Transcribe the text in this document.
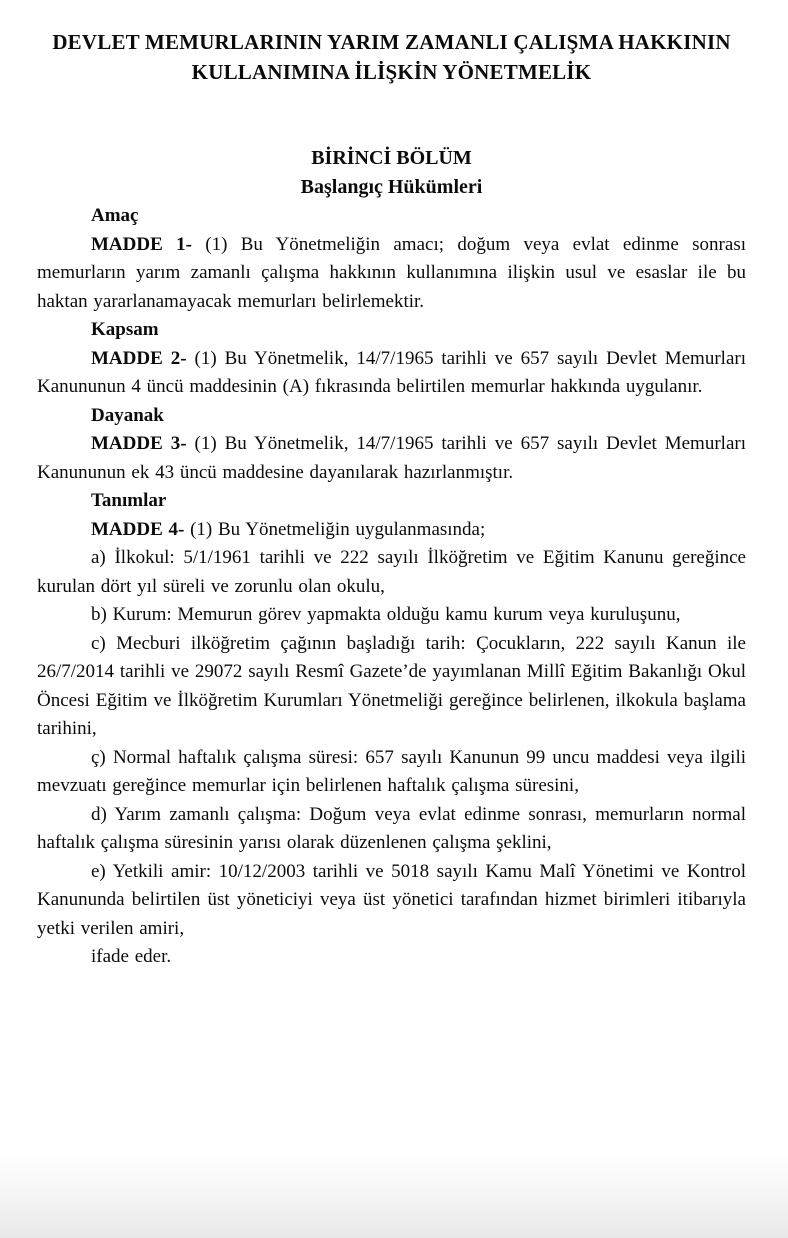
DEVLET MEMURLARININ YARIM ZAMANLI ÇALIŞMA HAKKININ
KULLANIMINA İLİŞKİN YÖNETMELİK
BİRİNCİ BÖLÜM
Başlangıç Hükümleri

Amaç

MADDE 1- (1) Bu Yönetmeliğin amacı; doğum veya evlat edinme sonrası memurların yarım zamanlı çalışma hakkının kullanımına ilişkin usul ve esaslar ile bu haktan yararlanamayacak memurları belirlemektir.

Kapsam

MADDE 2- (1) Bu Yönetmelik, 14/7/1965 tarihli ve 657 sayılı Devlet Memurları Kanununun 4 üncü maddesinin (A) fıkrasında belirtilen memurlar hakkında uygulanır.

Dayanak

MADDE 3- (1) Bu Yönetmelik, 14/7/1965 tarihli ve 657 sayılı Devlet Memurları Kanununun ek 43 üncü maddesine dayanılarak hazırlanmıştır.

Tanımlar

MADDE 4- (1) Bu Yönetmeliğin uygulanmasında;

a) İlkokul: 5/1/1961 tarihli ve 222 sayılı İlköğretim ve Eğitim Kanunu gereğince kurulan dört yıl süreli ve zorunlu olan okulu,

b) Kurum: Memurun görev yapmakta olduğu kamu kurum veya kuruluşunu,

c) Mecburi ilköğretim çağının başladığı tarih: Çocukların, 222 sayılı Kanun ile 26/7/2014 tarihli ve 29072 sayılı Resmî Gazete’de yayımlanan Millî Eğitim Bakanlığı Okul Öncesi Eğitim ve İlköğretim Kurumları Yönetmeliği gereğince belirlenen, ilkokula başlama tarihini,

ç) Normal haftalık çalışma süresi: 657 sayılı Kanunun 99 uncu maddesi veya ilgili mevzuatı gereğince memurlar için belirlenen haftalık çalışma süresini,

d) Yarım zamanlı çalışma: Doğum veya evlat edinme sonrası, memurların normal haftalık çalışma süresinin yarısı olarak düzenlenen çalışma şeklini,

e) Yetkili amir: 10/12/2003 tarihli ve 5018 sayılı Kamu Malî Yönetimi ve Kontrol Kanununda belirtilen üst yöneticiyi veya üst yönetici tarafından hizmet birimleri itibarıyla yetki verilen amiri,

ifade eder.
